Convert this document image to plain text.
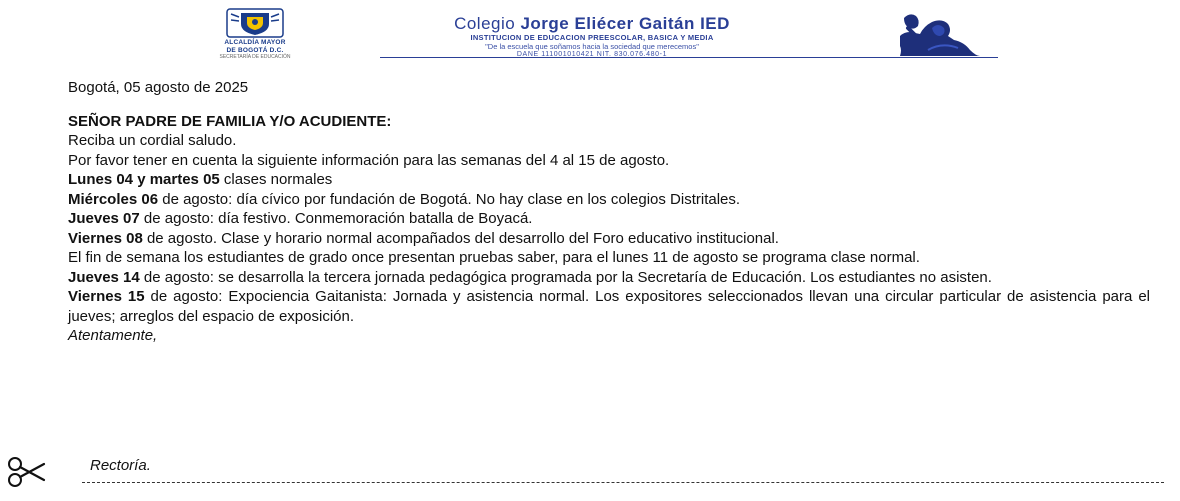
ALCALDÍA MAYOR
DE BOGOTÁ D.C.
SECRETARÍA DE EDUCACIÓN
Colegio Jorge Eliécer Gaitán IED
INSTITUCION DE EDUCACION PREESCOLAR, BASICA Y MEDIA
"De la escuela que soñamos hacia la sociedad que merecemos"
DANE 111001010421 NIT. 830.076.480-1

Bogotá, 05 agosto de 2025

SEÑOR PADRE DE FAMILIA Y/O ACUDIENTE:

Reciba un cordial saludo.

Por favor tener en cuenta la siguiente información para las semanas del 4 al 15 de agosto.

Lunes 04 y martes 05 clases normales

Miércoles 06 de agosto: día cívico por fundación de Bogotá. No hay clase en los colegios Distritales.

Jueves 07 de agosto: día festivo. Conmemoración batalla de Boyacá.

Viernes 08 de agosto. Clase y horario normal acompañados del desarrollo del Foro educativo institucional.

El fin de semana los estudiantes de grado once presentan pruebas saber, para el lunes 11 de agosto se programa clase normal.

Jueves 14 de agosto: se desarrolla la tercera jornada pedagógica programada por la Secretaría de Educación. Los estudiantes no asisten.

Viernes 15 de agosto: Expociencia Gaitanista: Jornada y asistencia normal. Los expositores seleccionados llevan una circular particular de asistencia para el jueves; arreglos del espacio de exposición.

Atentamente,

Rectoría.
